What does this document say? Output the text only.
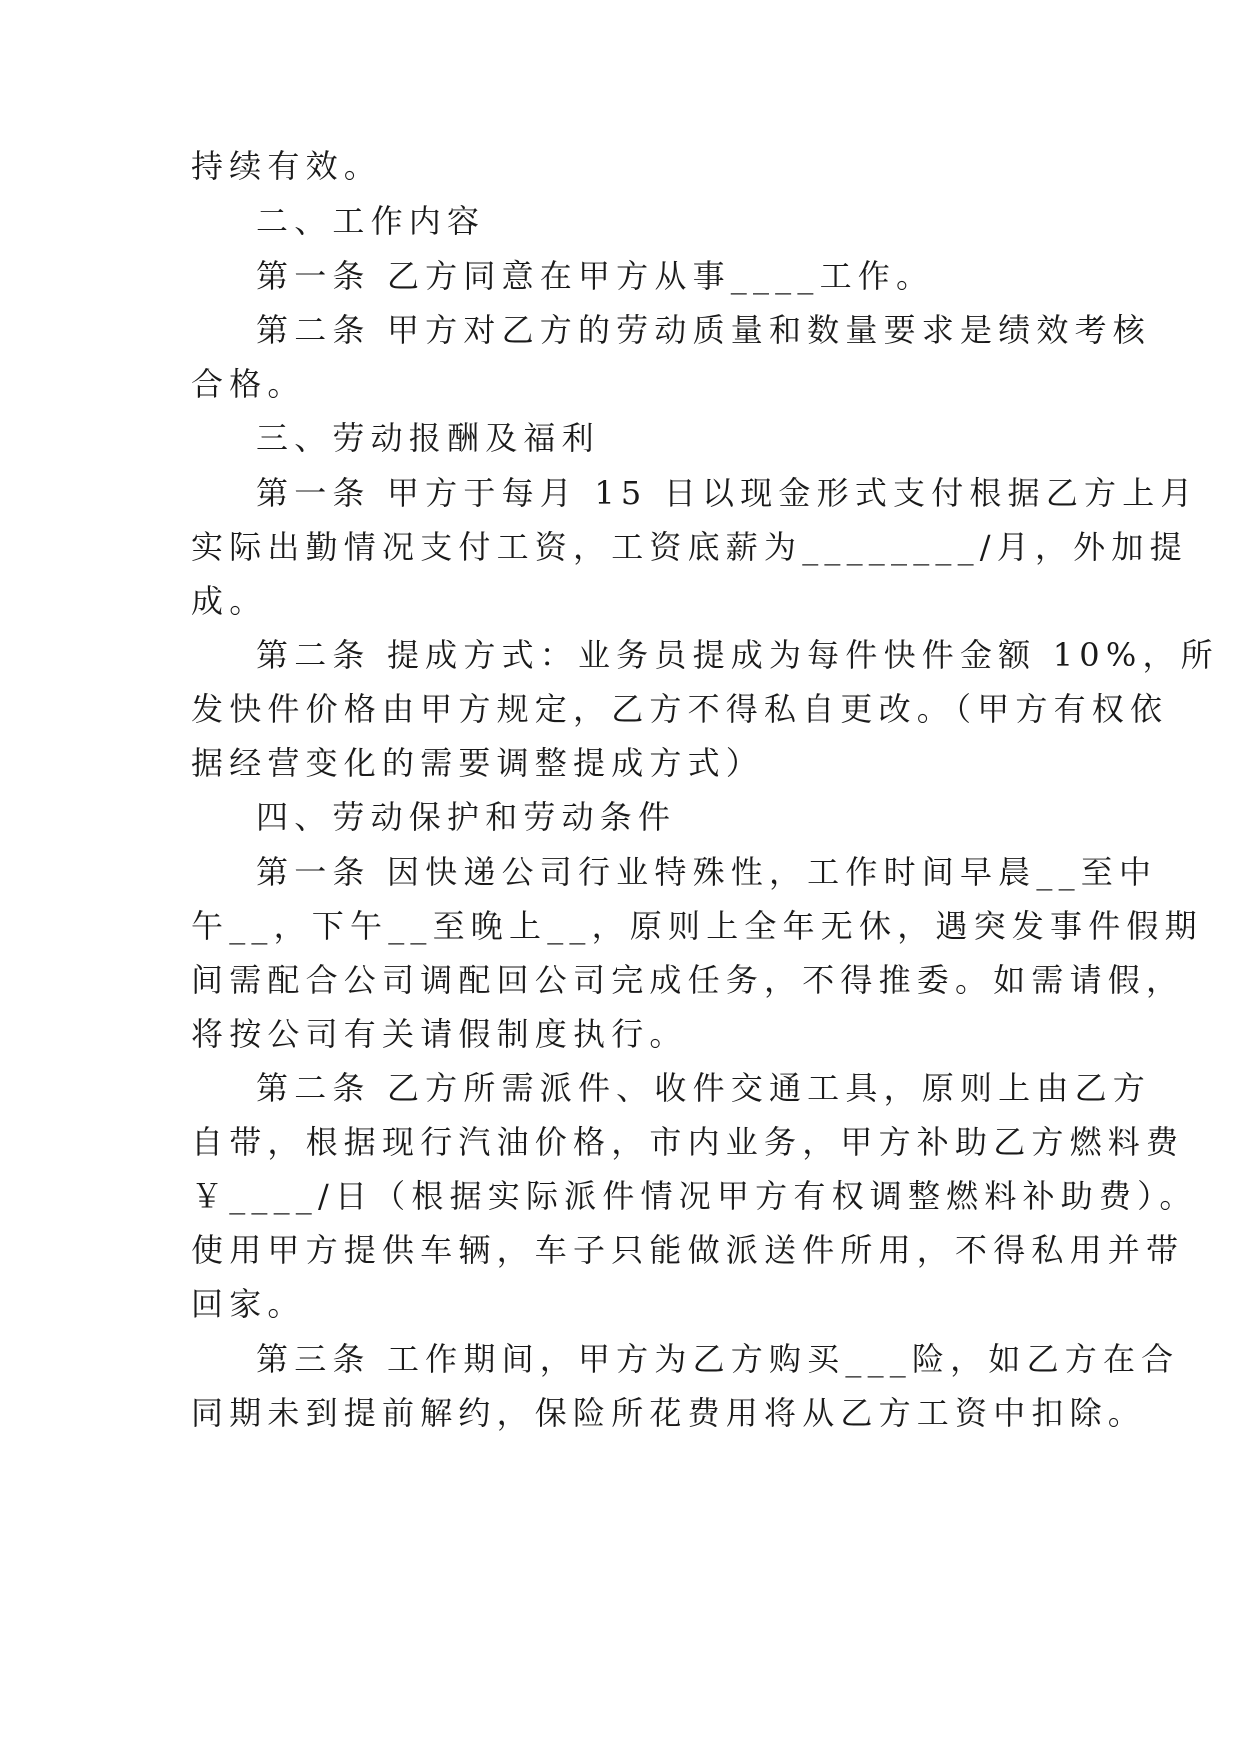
持续有效。
二、工作内容
第一条 乙方同意在甲方从事____工作。
第二条 甲方对乙方的劳动质量和数量要求是绩效考核
合格。
三、劳动报酬及福利
第一条 甲方于每月 15 日以现金形式支付根据乙方上月
实际出勤情况支付工资，工资底薪为________/月，外加提
成。
第二条 提成方式：业务员提成为每件快件金额 10%，所
发快件价格由甲方规定，乙方不得私自更改。（甲方有权依
据经营变化的需要调整提成方式）
四、劳动保护和劳动条件
第一条 因快递公司行业特殊性，工作时间早晨__至中
午__，下午__至晚上__，原则上全年无休，遇突发事件假期
间需配合公司调配回公司完成任务，不得推委。如需请假，
将按公司有关请假制度执行。
第二条 乙方所需派件、收件交通工具，原则上由乙方
自带，根据现行汽油价格，市内业务，甲方补助乙方燃料费
￥____/日（根据实际派件情况甲方有权调整燃料补助费）。
使用甲方提供车辆，车子只能做派送件所用，不得私用并带
回家。
第三条 工作期间，甲方为乙方购买___险，如乙方在合
同期未到提前解约，保险所花费用将从乙方工资中扣除。
